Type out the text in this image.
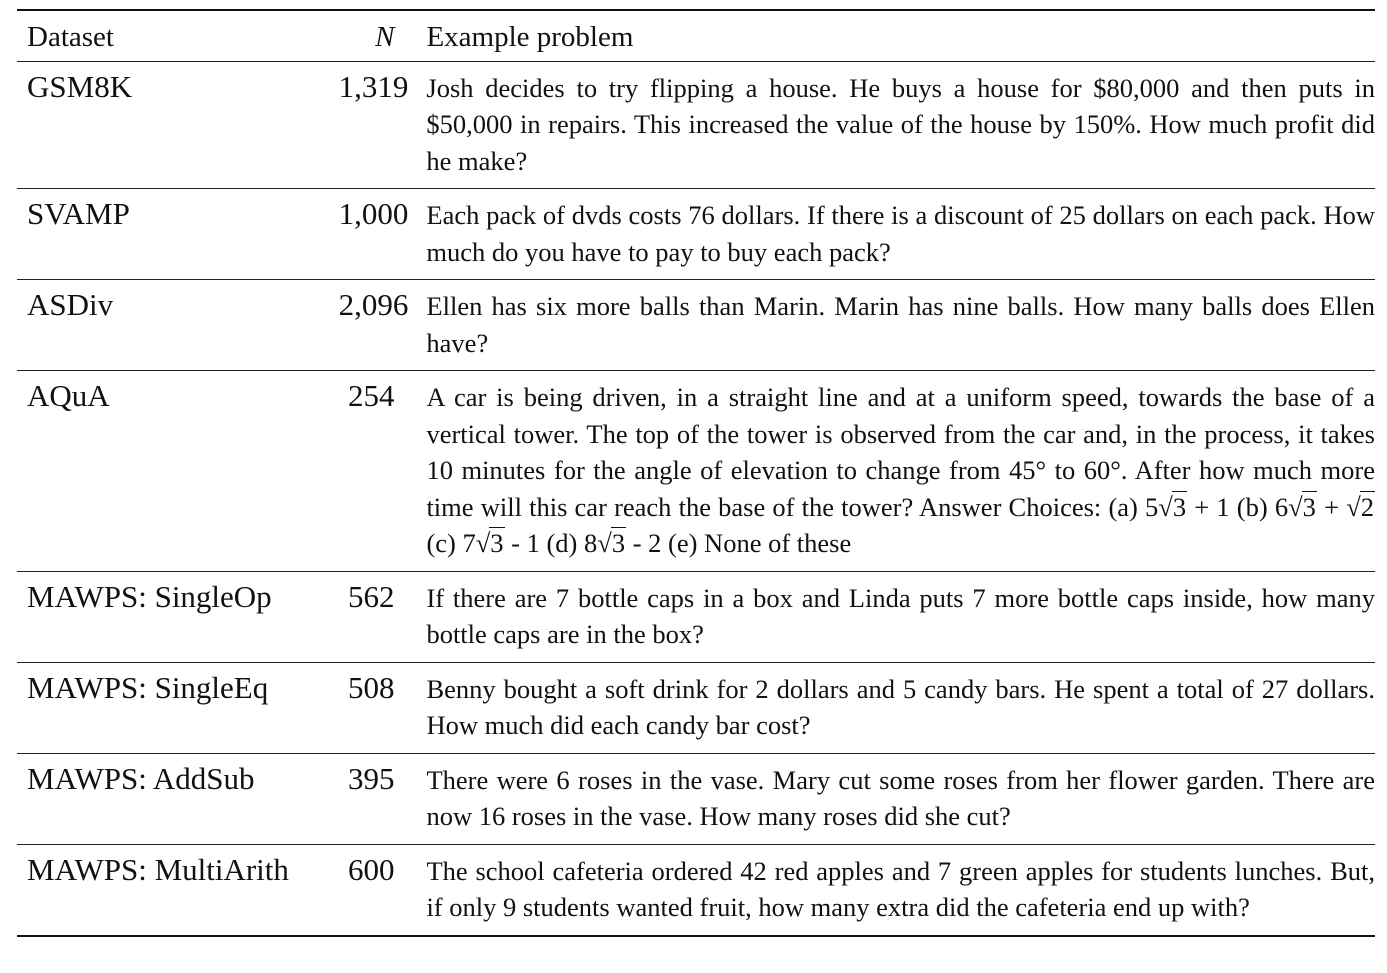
Dataset	N	Example problem
GSM8K	1,319 Josh decides to try flipping a house. He buys a house for $80,000 and then puts in $50,000 in repairs. This increased the value of the house by 150%. How much profit did he make?
SVAMP	1,000 Each pack of dvds costs 76 dollars. If there is a discount of 25 dollars on each pack. How much do you have to pay to buy each pack?
ASDiv	2,096 Ellen has six more balls than Marin. Marin has nine balls. How many balls does Ellen have?
AQuA	254	A car is being driven, in a straight line and at a uniform speed, towards the base of a vertical tower. The top of the tower is observed from the car and, in the process, it takes 10 minutes for the angle of elevation to change from 45° to 60°. After how much more time will this car reach the base of the tower? Answer Choices: (a) 5√3 + 1 (b) 6√3 + √2 (c) 7√3 - 1 (d) 8√3 - 2 (e) None of these
MAWPS: SingleOp	562	If there are 7 bottle caps in a box and Linda puts 7 more bottle caps inside, how many bottle caps are in the box?
MAWPS: SingleEq	508	Benny bought a soft drink for 2 dollars and 5 candy bars. He spent a total of 27 dollars. How much did each candy bar cost?
MAWPS: AddSub	395	There were 6 roses in the vase. Mary cut some roses from her flower garden. There are now 16 roses in the vase. How many roses did she cut?
MAWPS: MultiArith	600	The school cafeteria ordered 42 red apples and 7 green apples for students lunches. But, if only 9 students wanted fruit, how many extra did the cafeteria end up with?
